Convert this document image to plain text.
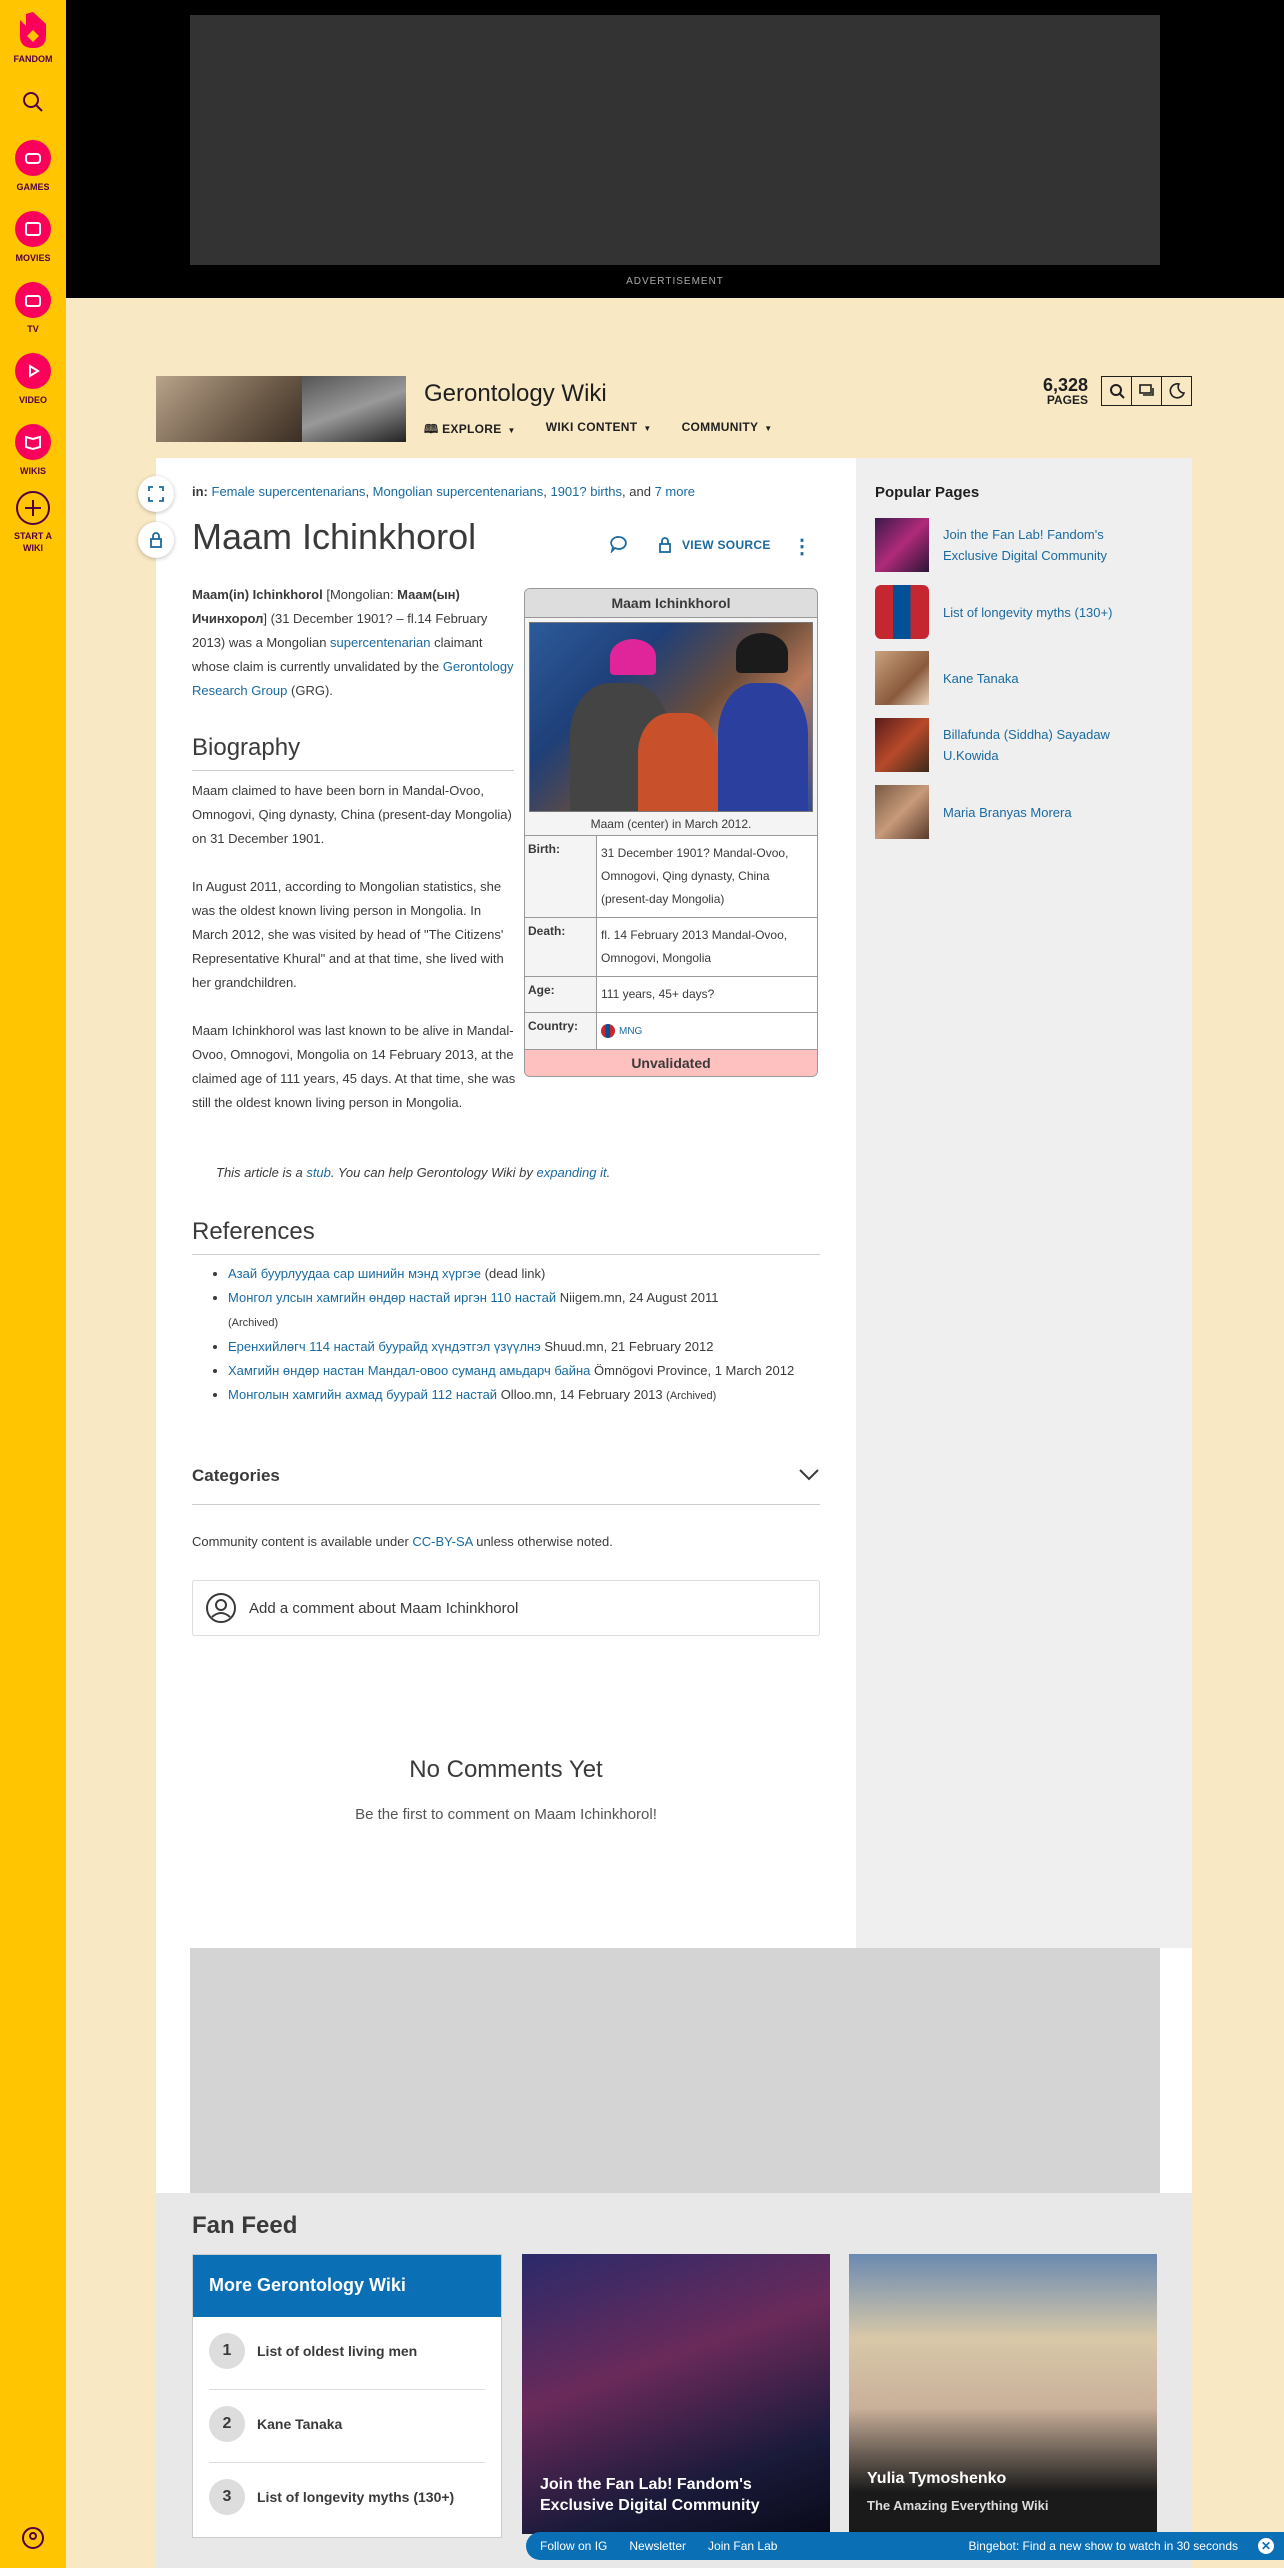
FANDOM
GAMES
MOVIES
TV
VIDEO
WIKIS
START A WIKI
ADVERTISEMENT
Gerontology Wiki
🕮 EXPLORE ▼	WIKI CONTENT ▼	COMMUNITY ▼
6,328
PAGES
in: Female supercentenarians, Mongolian supercentenarians, 1901? births, and 7 more
Maam Ichinkhorol	VIEW SOURCE ⋮
Maam(in) Ichinkhorol [Mongolian: Маам(ын) Ичинхорол] (31 December 1901? – fl.14 February 2013) was a Mongolian supercentenarian claimant whose claim is currently unvalidated by the Gerontology Research Group (GRG).
Biography
Maam claimed to have been born in Mandal-Ovoo, Omnogovi, Qing dynasty, China (present-day Mongolia) on 31 December 1901.
In August 2011, according to Mongolian statistics, she was the oldest known living person in Mongolia. In March 2012, she was visited by head of "The Citizens' Representative Khural" and at that time, she lived with her grandchildren.
Maam Ichinkhorol was last known to be alive in Mandal-Ovoo, Omnogovi, Mongolia on 14 February 2013, at the claimed age of 111 years, 45 days. At that time, she was still the oldest known living person in Mongolia.
Maam Ichinkhorol
Maam (center) in March 2012.
Birth:	31 December 1901? Mandal-Ovoo, Omnogovi, Qing dynasty, China (present-day Mongolia)
Death:	fl. 14 February 2013 Mandal-Ovoo, Omnogovi, Mongolia
Age:	111 years, 45+ days?
Country:	MNG
Unvalidated
This article is a stub. You can help Gerontology Wiki by expanding it.
References
• Азай буурлуудаа сар шинийн мэнд хүргэе (dead link)
• Монгол улсын хамгийн өндөр настай иргэн 110 настай Niigem.mn, 24 August 2011
(Archived)
• Еренхийлөгч 114 настай буурайд хүндэтгэл үзүүлнэ Shuud.mn, 21 February 2012
• Хамгийн өндөр настан Мандал-овоо сумaнд амьдарч байна Ömnögovi Province, 1 March 2012
• Монголын хамгийн ахмад буурай 112 настай Olloo.mn, 14 February 2013 (Archived)
Categories
Community content is available under CC-BY-SA unless otherwise noted.
Add a comment about Maam Ichinkhorol
No Comments Yet
Be the first to comment on Maam Ichinkhorol!
Popular Pages
Join the Fan Lab! Fandom's Exclusive Digital Community
List of longevity myths (130+)
Kane Tanaka
Billafunda (Siddha) Sayadaw U.Kowida
Maria Branyas Morera
Fan Feed
More Gerontology Wiki
1	List of oldest living men
2	Kane Tanaka
3	List of longevity myths (130+)
Join the Fan Lab! Fandom's Exclusive Digital Community
Yulia Tymoshenko
The Amazing Everything Wiki
Follow on IG Newsletter Join Fan Lab	Bingebot: Find a new show to watch in 30 seconds ✕
